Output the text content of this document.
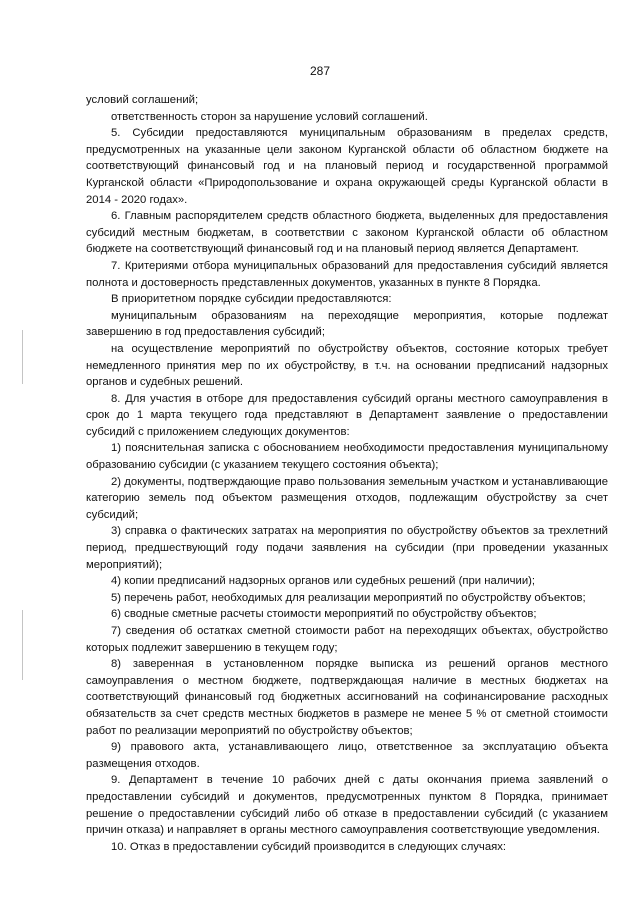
287

условий соглашений;

ответственность сторон за нарушение условий соглашений.

5. Субсидии предоставляются муниципальным образованиям в пределах средств, предусмотренных на указанные цели законом Курганской области об областном бюджете на соответствующий финансовый год и на плановый период и государственной программой Курганской области «Природопользование и охрана окружающей среды Курганской области в 2014 - 2020 годах».

6. Главным распорядителем средств областного бюджета, выделенных для предоставления субсидий местным бюджетам, в соответствии с законом Курганской области об областном бюджете на соответствующий финансовый год и на плановый период является Департамент.

7. Критериями отбора муниципальных образований для предоставления субсидий является полнота и достоверность представленных документов, указанных в пункте 8 Порядка.

В приоритетном порядке субсидии предоставляются:

муниципальным образованиям на переходящие мероприятия, которые подлежат завершению в год предоставления субсидий;

на осуществление мероприятий по обустройству объектов, состояние которых требует немедленного принятия мер по их обустройству, в т.ч. на основании предписаний надзорных органов и судебных решений.

8. Для участия в отборе для предоставления субсидий органы местного самоуправления в срок до 1 марта текущего года представляют в Департамент заявление о предоставлении субсидий с приложением следующих документов:

1) пояснительная записка с обоснованием необходимости предоставления муниципальному образованию субсидии (с указанием текущего состояния объекта);

2) документы, подтверждающие право пользования земельным участком и устанавливающие категорию земель под объектом размещения отходов, подлежащим обустройству за счет субсидий;

3) справка о фактических затратах на мероприятия по обустройству объектов за трехлетний период, предшествующий году подачи заявления на субсидии (при проведении указанных мероприятий);

4) копии предписаний надзорных органов или судебных решений (при наличии);

5) перечень работ, необходимых для реализации мероприятий по обустройству объектов;

6) сводные сметные расчеты стоимости мероприятий по обустройству объектов;

7) сведения об остатках сметной стоимости работ на переходящих объектах, обустройство которых подлежит завершению в текущем году;

8) заверенная в установленном порядке выписка из решений органов местного самоуправления о местном бюджете, подтверждающая наличие в местных бюджетах на соответствующий финансовый год бюджетных ассигнований на софинансирование расходных обязательств за счет средств местных бюджетов в размере не менее 5 % от сметной стоимости работ по реализации мероприятий по обустройству объектов;

9) правового акта, устанавливающего лицо, ответственное за эксплуатацию объекта размещения отходов.

9. Департамент в течение 10 рабочих дней с даты окончания приема заявлений о предоставлении субсидий и документов, предусмотренных пунктом 8 Порядка, принимает решение о предоставлении субсидий либо об отказе в предоставлении субсидий (с указанием причин отказа) и направляет в органы местного самоуправления соответствующие уведомления.

10. Отказ в предоставлении субсидий производится в следующих случаях:
